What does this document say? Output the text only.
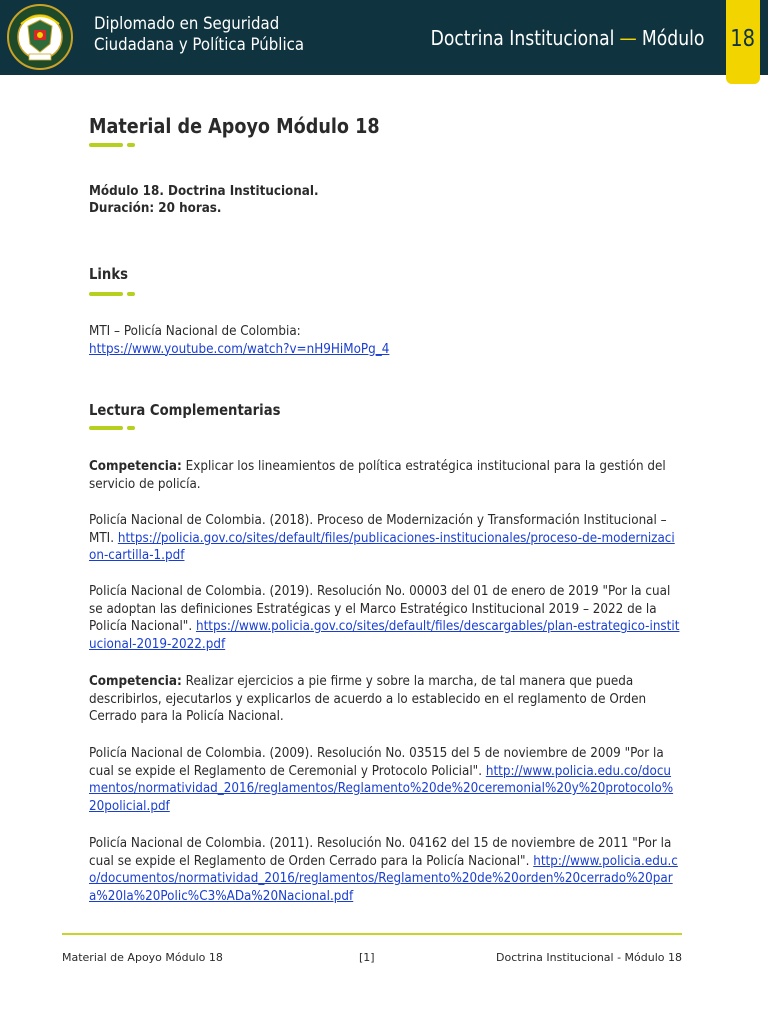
Diplomado en Seguridad
Ciudadana y Política Pública	Doctrina Institucional — Módulo 18
Material de Apoyo Módulo 18
Módulo 18. Doctrina Institucional.
Duración: 20 horas.
Links
MTI – Policía Nacional de Colombia:
https://www.youtube.com/watch?v=nH9HiMoPg_4
Lectura Complementarias
Competencia: Explicar los lineamientos de política estratégica institucional para la gestión del servicio de policía.
Policía Nacional de Colombia. (2018). Proceso de Modernización y Transformación Institucional – MTI. https://policia.gov.co/sites/default/files/publicaciones-institucionales/proceso-de-modernizacion-cartilla-1.pdf
Policía Nacional de Colombia. (2019). Resolución No. 00003 del 01 de enero de 2019 "Por la cual se adoptan las definiciones Estratégicas y el Marco Estratégico Institucional 2019 – 2022 de la Policía Nacional". https://www.policia.gov.co/sites/default/files/descargables/plan-estrategico-institucional-2019-2022.pdf
Competencia: Realizar ejercicios a pie firme y sobre la marcha, de tal manera que pueda describirlos, ejecutarlos y explicarlos de acuerdo a lo establecido en el reglamento de Orden Cerrado para la Policía Nacional.
Policía Nacional de Colombia. (2009). Resolución No. 03515 del 5 de noviembre de 2009 "Por la cual se expide el Reglamento de Ceremonial y Protocolo Policial". http://www.policia.edu.co/documentos/normatividad_2016/reglamentos/Reglamento%20de%20ceremonial%20y%20protocolo%20policial.pdf
Policía Nacional de Colombia. (2011). Resolución No. 04162 del 15 de noviembre de 2011 "Por la cual se expide el Reglamento de Orden Cerrado para la Policía Nacional". http://www.policia.edu.co/documentos/normatividad_2016/reglamentos/Reglamento%20de%20orden%20cerrado%20para%20la%20Polic%C3%ADa%20Nacional.pdf
Material de Apoyo Módulo 18	[1]	Doctrina Institucional - Módulo 18
